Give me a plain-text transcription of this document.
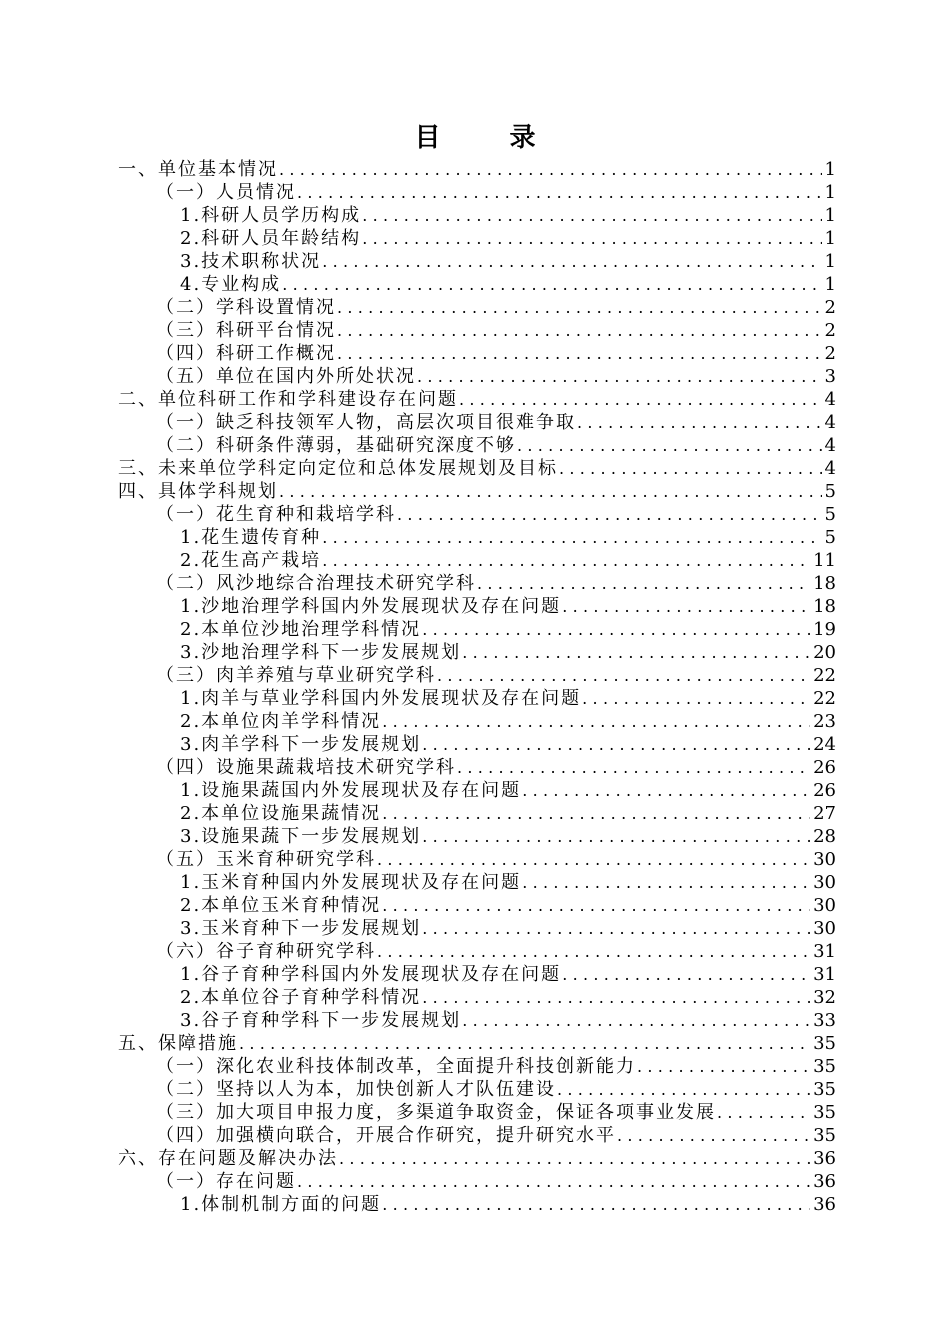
目 录
一、单位基本情况 .....	1
（一）人员情况 .....	1
1.科研人员学历构成 .....	1
2.科研人员年龄结构 .....	1
3.技术职称状况 .....	1
4.专业构成 .....	1
（二）学科设置情况 .....	2
（三）科研平台情况 .....	2
（四）科研工作概况 .....	2
（五）单位在国内外所处状况 .....	3
二、单位科研工作和学科建设存在问题 .....	4
（一）缺乏科技领军人物，高层次项目很难争取 .....	4
（二）科研条件薄弱，基础研究深度不够 .....	4
三、未来单位学科定向定位和总体发展规划及目标 .....	4
四、具体学科规划 .....	5
（一）花生育种和栽培学科 .....	5
1.花生遗传育种 .....	5
2.花生高产栽培 .....	11
（二）风沙地综合治理技术研究学科 .....	18
1.沙地治理学科国内外发展现状及存在问题 .....	18
2.本单位沙地治理学科情况 .....	19
3.沙地治理学科下一步发展规划 .....	20
（三）肉羊养殖与草业研究学科 .....	22
1.肉羊与草业学科国内外发展现状及存在问题 .....	22
2.本单位肉羊学科情况 .....	23
3.肉羊学科下一步发展规划 .....	24
（四）设施果蔬栽培技术研究学科 .....	26
1.设施果蔬国内外发展现状及存在问题 .....	26
2.本单位设施果蔬情况 .....	27
3.设施果蔬下一步发展规划 .....	28
（五）玉米育种研究学科 .....	30
1.玉米育种国内外发展现状及存在问题 .....	30
2.本单位玉米育种情况 .....	30
3.玉米育种下一步发展规划 .....	30
（六）谷子育种研究学科 .....	31
1.谷子育种学科国内外发展现状及存在问题 .....	31
2.本单位谷子育种学科情况 .....	32
3.谷子育种学科下一步发展规划 .....	33
五、保障措施 .....	35
（一）深化农业科技体制改革，全面提升科技创新能力 .....	35
（二）坚持以人为本，加快创新人才队伍建设 .....	35
（三）加大项目申报力度，多渠道争取资金，保证各项事业发展 .....	35
（四）加强横向联合，开展合作研究，提升研究水平 .....	35
六、存在问题及解决办法 .....	36
（一）存在问题 .....	36
1.体制机制方面的问题 .....	36
